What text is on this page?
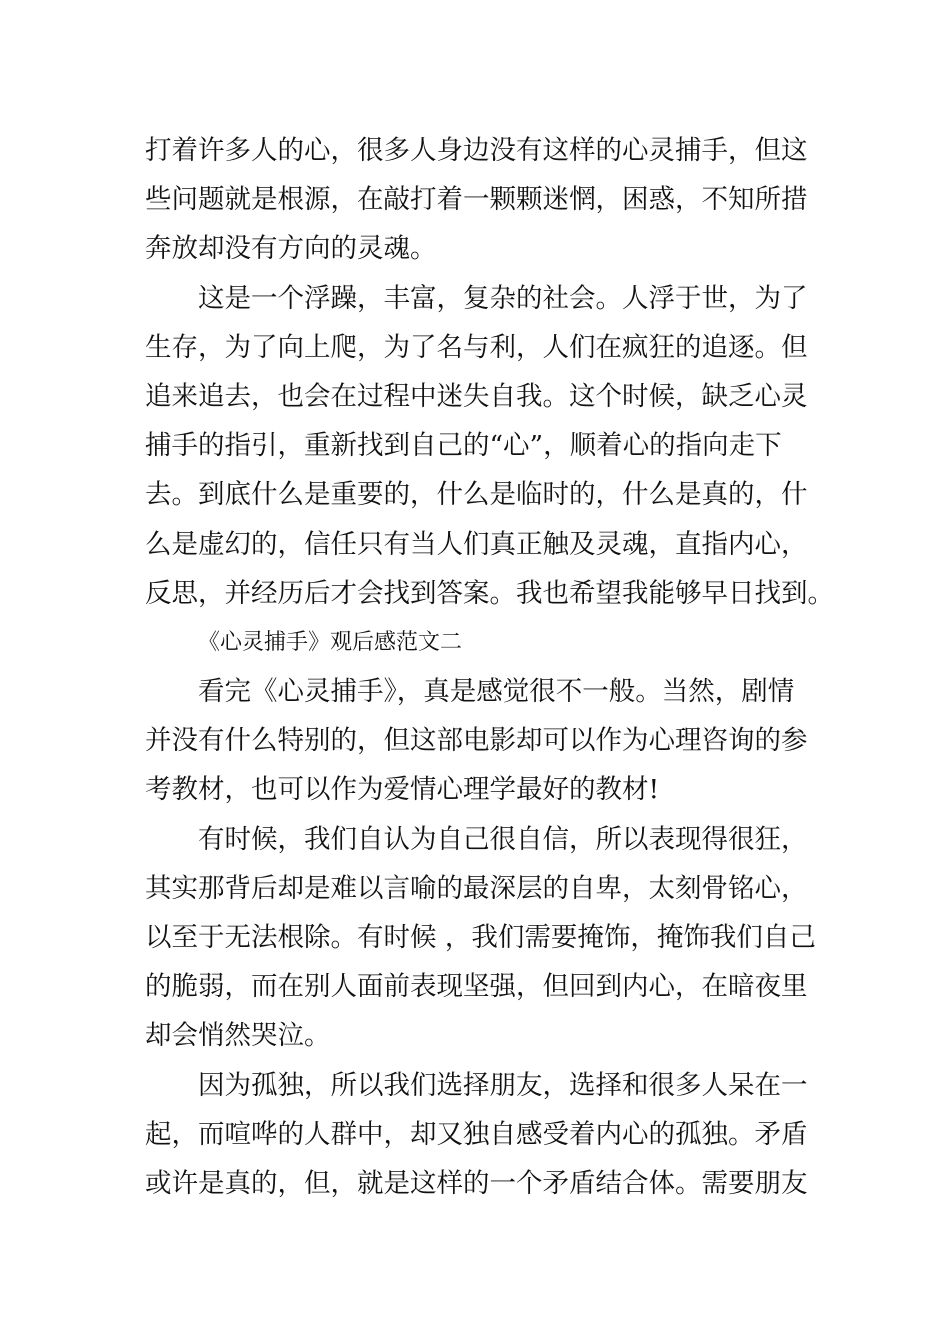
打着许多人的心，很多人身边没有这样的心灵捕手，但这
些问题就是根源，在敲打着一颗颗迷惘，困惑，不知所措
奔放却没有方向的灵魂。
这是一个浮躁，丰富，复杂的社会。人浮于世，为了
生存，为了向上爬，为了名与利，人们在疯狂的追逐。但
追来追去，也会在过程中迷失自我。这个时候，缺乏心灵
捕手的指引，重新找到自己的“心”，顺着心的指向走下
去。到底什么是重要的，什么是临时的，什么是真的，什
么是虚幻的，信任只有当人们真正触及灵魂，直指内心，
反思，并经历后才会找到答案。我也希望我能够早日找到。
《心灵捕手》观后感范文二
看完《心灵捕手》，真是感觉很不一般。当然，剧情
并没有什么特别的，但这部电影却可以作为心理咨询的参
考教材，也可以作为爱情心理学最好的教材!
有时候，我们自认为自己很自信，所以表现得很狂，
其实那背后却是难以言喻的最深层的自卑，太刻骨铭心，
以至于无法根除。有时候 ，我们需要掩饰，掩饰我们自己
的脆弱，而在别人面前表现坚强，但回到内心，在暗夜里
却会悄然哭泣。
因为孤独，所以我们选择朋友，选择和很多人呆在一
起，而喧哗的人群中，却又独自感受着内心的孤独。矛盾
或许是真的，但，就是这样的一个矛盾结合体。需要朋友
